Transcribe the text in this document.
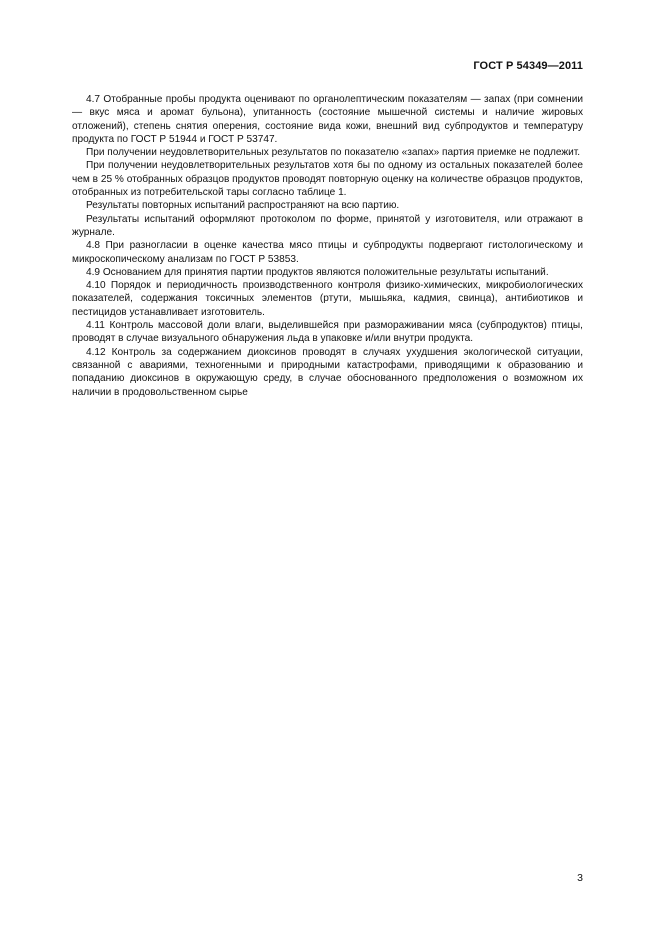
ГОСТ Р 54349—2011

4.7 Отобранные пробы продукта оценивают по органолептическим показателям — запах (при сомнении — вкус мяса и аромат бульона), упитанность (состояние мышечной системы и наличие жировых отложений), степень снятия оперения, состояние вида кожи, внешний вид субпродуктов и температуру продукта по ГОСТ Р 51944 и ГОСТ Р 53747.

При получении неудовлетворительных результатов по показателю «запах» партия приемке не подлежит.

При получении неудовлетворительных результатов хотя бы по одному из остальных показателей более чем в 25 % отобранных образцов продуктов проводят повторную оценку на количестве образцов продуктов, отобранных из потребительской тары согласно таблице 1.

Результаты повторных испытаний распространяют на всю партию.

Результаты испытаний оформляют протоколом по форме, принятой у изготовителя, или отражают в журнале.

4.8 При разногласии в оценке качества мясо птицы и субпродукты подвергают гистологическому и микроскопическому анализам по ГОСТ Р 53853.

4.9 Основанием для принятия партии продуктов являются положительные результаты испытаний.

4.10 Порядок и периодичность производственного контроля физико-химических, микробиологических показателей, содержания токсичных элементов (ртути, мышьяка, кадмия, свинца), антибиотиков и пестицидов устанавливает изготовитель.

4.11 Контроль массовой доли влаги, выделившейся при размораживании мяса (субпродуктов) птицы, проводят в случае визуального обнаружения льда в упаковке и/или внутри продукта.

4.12 Контроль за содержанием диоксинов проводят в случаях ухудшения экологической ситуации, связанной с авариями, техногенными и природными катастрофами, приводящими к образованию и попаданию диоксинов в окружающую среду, в случае обоснованного предположения о возможном их наличии в продовольственном сырье

3
